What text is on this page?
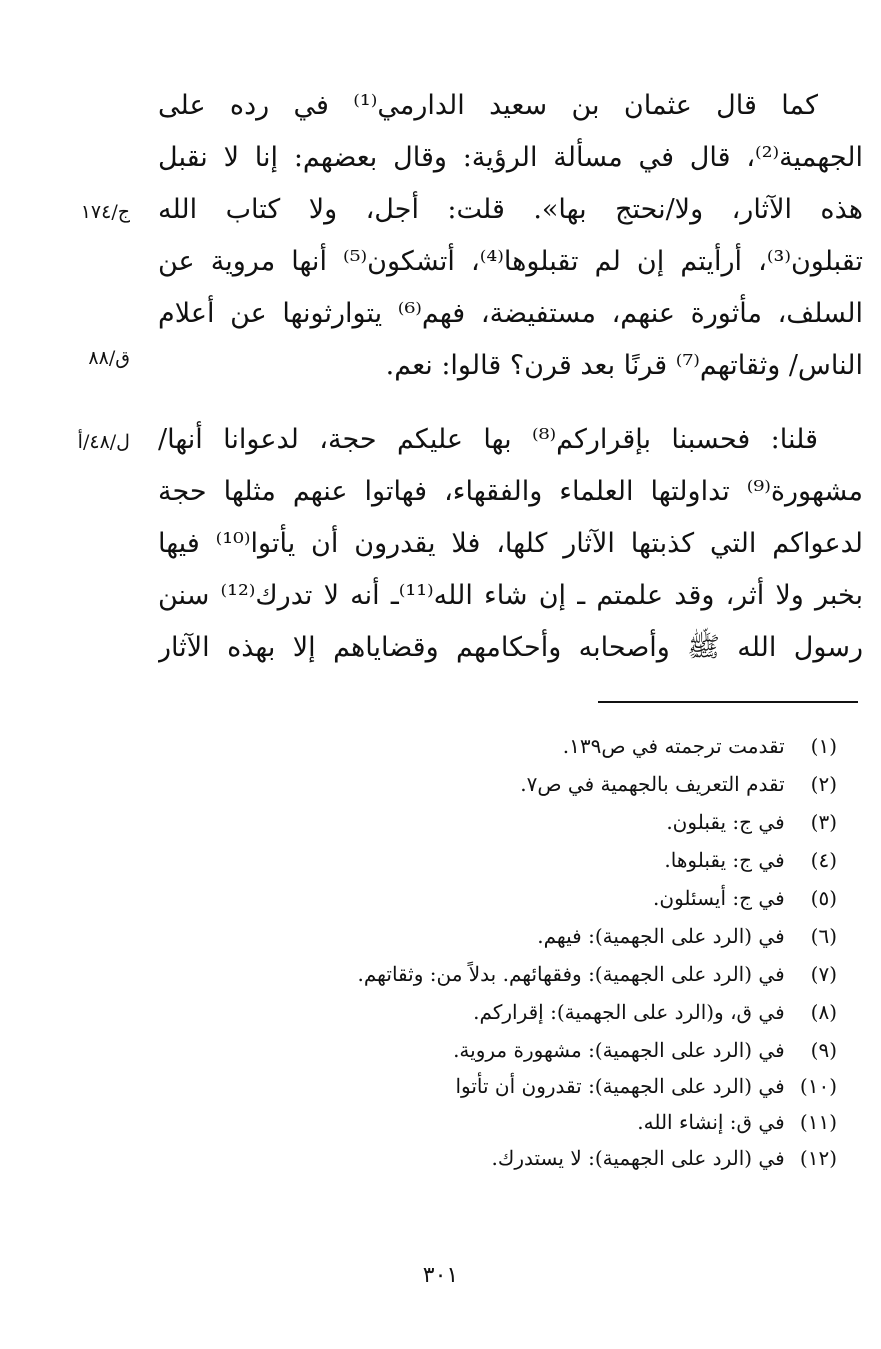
كما قال عثمان بن سعيد الدارمي⁽¹⁾ في رده على
الجهمية⁽²⁾، قال في مسألة الرؤية: وقال بعضهم: إنا لا نقبل
هذه الآثار، ولا/نحتج بها». قلت: أجل، ولا كتاب الله
تقبلون⁽³⁾، أرأيتم إن لم تقبلوها⁽⁴⁾، أتشكون⁽⁵⁾ أنها مروية عن
السلف، مأثورة عنهم، مستفيضة، فهم⁽⁶⁾ يتوارثونها عن أعلام
الناس/ وثقاتهم⁽⁷⁾ قرنًا بعد قرن؟ قالوا: نعم.
قلنا: فحسبنا بإقراركم⁽⁸⁾ بها عليكم حجة، لدعوانا أنها/
مشهورة⁽⁹⁾ تداولتها العلماء والفقهاء، فهاتوا عنهم مثلها حجة
لدعواكم التي كذبتها الآثار كلها، فلا يقدرون أن يأتوا⁽¹⁰⁾ فيها
بخبر ولا أثر، وقد علمتم ـ إن شاء الله⁽¹¹⁾ـ أنه لا تدرك⁽¹²⁾ سنن
رسول الله ﷺ وأصحابه وأحكامهم وقضاياهم إلا بهذه الآثار
ج/١٧٤
ق/٨٨
ل/٤٨/أ
(١) تقدمت ترجمته في ص١٣٩.
(٢) تقدم التعريف بالجهمية في ص٧.
(٣) في ج: يقبلون.
(٤) في ج: يقبلوها.
(٥) في ج: أيسئلون.
(٦) في (الرد على الجهمية): فيهم.
(٧) في (الرد على الجهمية): وفقهائهم. بدلاً من: وثقاتهم.
(٨) في ق، و(الرد على الجهمية): إقراركم.
(٩) في (الرد على الجهمية): مشهورة مروية.
(١٠) في (الرد على الجهمية): تقدرون أن تأتوا
(١١) في ق: إنشاء الله.
(١٢) في (الرد على الجهمية): لا يستدرك.
٣٠١
